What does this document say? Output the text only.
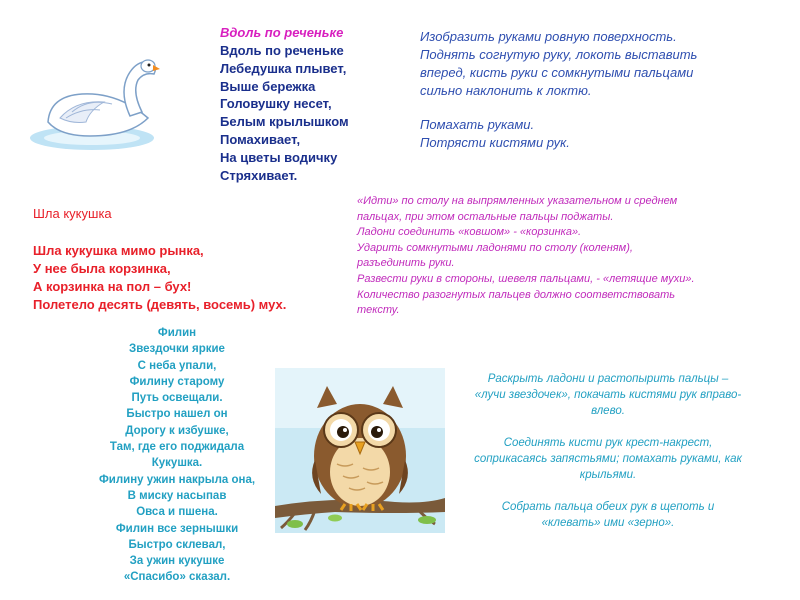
Вдоль по реченьке
Вдоль по реченьке
Лебедушка плывет,
Выше бережка
Головушку несет,
Белым крылышком
Помахивает,
На цветы водичку
Стряхивает.
Изобразить руками ровную поверхность.
Поднять согнутую руку, локоть выставить
вперед, кисть руки с сомкнутыми пальцами
сильно наклонить к локтю.
Помахать руками.
Потрясти кистями рук.
Шла кукушка
Шла кукушка мимо рынка,
У нее была корзинка,
А корзинка на пол – бух!
Полетело десять (девять, восемь) мух.
«Идти» по столу на выпрямленных указательном и среднем
пальцах, при этом остальные пальцы поджаты.
Ладони соединить «ковшом» - «корзинка».
Ударить сомкнутыми ладонями по столу (коленям),
разъединить руки.
Развести руки в стороны, шевеля пальцами, - «летящие мухи».
Количество разогнутых пальцев должно соответствовать
тексту.
Филин
Звездочки яркие
С неба упали,
Филину старому
Путь освещали.
Быстро нашел он
Дорогу к избушке,
Там, где его поджидала
Кукушка.
Филину ужин накрыла она,
В миску насыпав
Овса и пшена.
Филин все зернышки
Быстро склевал,
За ужин кукушке
«Спасибо» сказал.
Раскрыть ладони и растопырить пальцы –
«лучи звездочек», покачать кистями рук вправо-
влево.
Соединять кисти рук крест-накрест,
соприкасаясь запястьями; помахать руками, как
крыльями.
Собрать пальца обеих рук в щепоть и
«клевать» ими «зерно».
